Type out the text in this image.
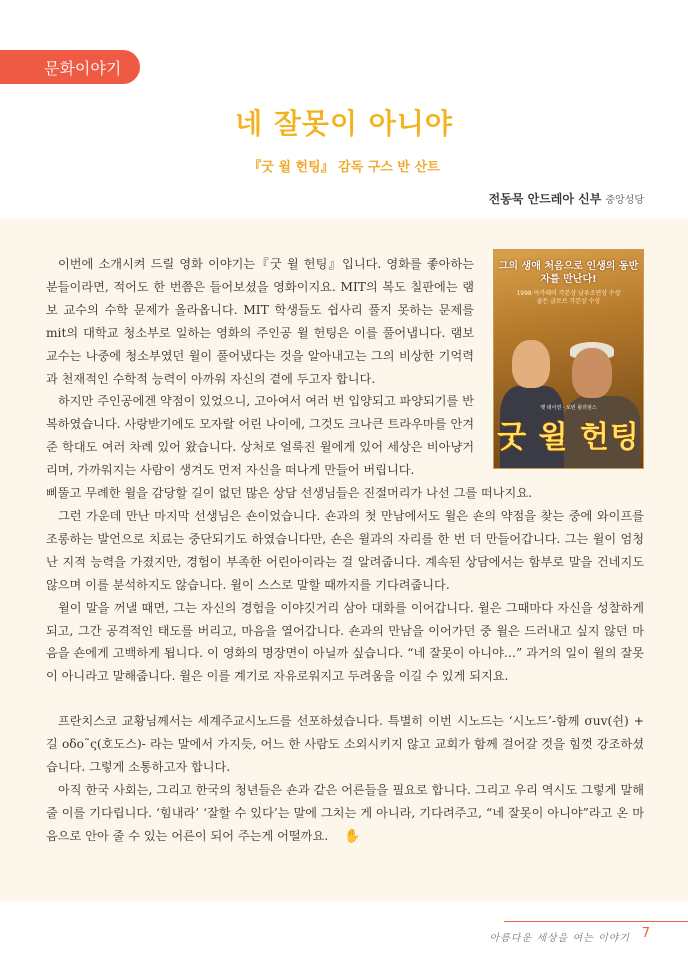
문화이야기
네 잘못이 아니야
『굿 윌 헌팅』 감독 구스 반 산트
전동묵 안드레아 신부 중앙성당
그의 생애 처음으로 인생의 동반자를 만난다!
1998 아카데미 각본상 남우조연상 수상
골든 글로브 각본상 수상
맷 데이먼 · 로빈 윌리엄스
굿 윌 헌팅

이번에 소개시켜 드릴 영화 이야기는『굿 윌 헌팅』입니다. 영화를 좋아하는 분들이라면, 적어도 한 번쯤은 들어보셨을 영화이지요. MIT의 복도 칠판에는 램보 교수의 수학 문제가 올라옵니다. MIT 학생들도 쉽사리 풀지 못하는 문제를 mit의 대학교 청소부로 일하는 영화의 주인공 윌 헌팅은 이를 풀어냅니다. 램보 교수는 나중에 청소부였던 윌이 풀어냈다는 것을 알아내고는 그의 비상한 기억력과 천재적인 수학적 능력이 아까워 자신의 곁에 두고자 합니다.

하지만 주인공에겐 약점이 있었으니, 고아여서 여러 번 입양되고 파양되기를 반복하였습니다. 사랑받기에도 모자랄 어린 나이에, 그것도 크나큰 트라우마를 안겨준 학대도 여러 차례 있어 왔습니다. 상처로 얼룩진 윌에게 있어 세상은 비아냥거리며, 가까워지는 사람이 생겨도 먼저 자신을 떠나게 만들어 버립니다.

삐뚤고 무례한 윌을 감당할 길이 없던 많은 상담 선생님들은 진절머리가 나선 그를 떠나지요.

그런 가운데 만난 마지막 선생님은 숀이었습니다. 숀과의 첫 만남에서도 윌은 숀의 약점을 찾는 중에 와이프를 조롱하는 발언으로 치료는 중단되기도 하였습니다만, 숀은 윌과의 자리를 한 번 더 만들어갑니다. 그는 윌이 엄청난 지적 능력을 가졌지만, 경험이 부족한 어린아이라는 걸 알려줍니다. 계속된 상담에서는 함부로 말을 건네지도 않으며 이를 분석하지도 않습니다. 윌이 스스로 말할 때까지를 기다려줍니다.

윌이 말을 꺼낼 때면, 그는 자신의 경험을 이야깃거리 삼아 대화를 이어갑니다. 윌은 그때마다 자신을 성찰하게 되고, 그간 공격적인 태도를 버리고, 마음을 열어갑니다. 숀과의 만남을 이어가던 중 윌은 드러내고 싶지 않던 마음을 숀에게 고백하게 됩니다. 이 영화의 명장면이 아닐까 싶습니다. “네 잘못이 아니야…” 과거의 일이 윌의 잘못이 아니라고 말해줍니다. 윌은 이를 계기로 자유로워지고 두려움을 이길 수 있게 되지요.

프란치스코 교황님께서는 세계주교시노드를 선포하셨습니다. 특별히 이번 시노드는 ‘시노드’-함께 σuv(쉰) + 길 οδο˜ς(호도스)- 라는 말에서 가지듯, 어느 한 사람도 소외시키지 않고 교회가 함께 걸어갈 것을 힘껏 강조하셨습니다. 그렇게 소통하고자 합니다.

아직 한국 사회는, 그리고 한국의 청년들은 숀과 같은 어른들을 필요로 합니다. 그리고 우리 역시도 그렇게 말해줄 이를 기다립니다. ‘힘내라’ ‘잘할 수 있다’는 말에 그치는 게 아니라, 기다려주고, “네 잘못이 아니야”라고 온 마음으로 안아 줄 수 있는 어른이 되어 주는게 어떨까요. ✋

아름다운 세상을 여는 이야기 7
